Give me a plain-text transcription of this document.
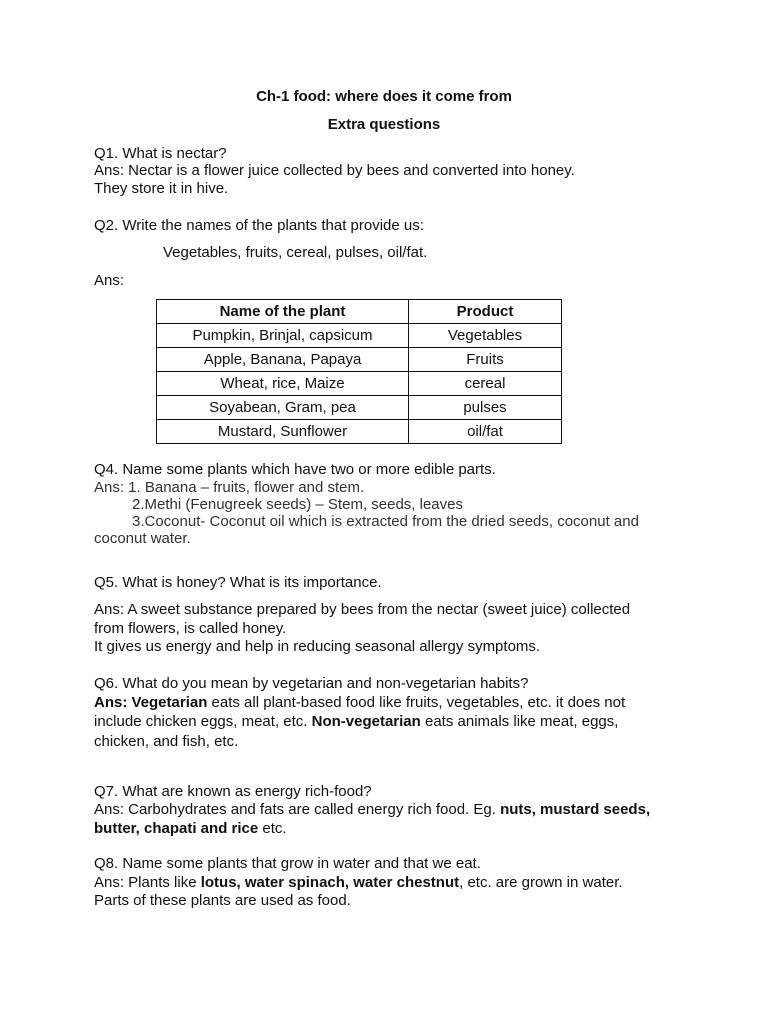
Ch-1 food: where does it come from
Extra questions
Q1. What is nectar?
Ans: Nectar is a flower juice collected by bees and converted into honey.
They store it in hive.
Q2. Write the names of the plants that provide us:
Vegetables, fruits, cereal, pulses, oil/fat.
Ans:
Name of the plant	Product
Pumpkin, Brinjal, capsicum	Vegetables
Apple, Banana, Papaya	Fruits
Wheat, rice, Maize	cereal
Soyabean, Gram, pea	pulses
Mustard, Sunflower	oil/fat
Q4. Name some plants which have two or more edible parts.
Ans: 1. Banana – fruits, flower and stem.
2.Methi (Fenugreek seeds) – Stem, seeds, leaves
3.Coconut- Coconut oil which is extracted from the dried seeds, coconut and
coconut water.
Q5. What is honey? What is its importance.
Ans: A sweet substance prepared by bees from the nectar (sweet juice) collected
from flowers, is called honey.
It gives us energy and help in reducing seasonal allergy symptoms.
Q6. What do you mean by vegetarian and non-vegetarian habits?
Ans: Vegetarian eats all plant-based food like fruits, vegetables, etc. it does not
include chicken eggs, meat, etc. Non-vegetarian eats animals like meat, eggs,
chicken, and fish, etc.
Q7. What are known as energy rich-food?
Ans: Carbohydrates and fats are called energy rich food. Eg. nuts, mustard seeds,
butter, chapati and rice etc.
Q8. Name some plants that grow in water and that we eat.
Ans: Plants like lotus, water spinach, water chestnut, etc. are grown in water.
Parts of these plants are used as food.
